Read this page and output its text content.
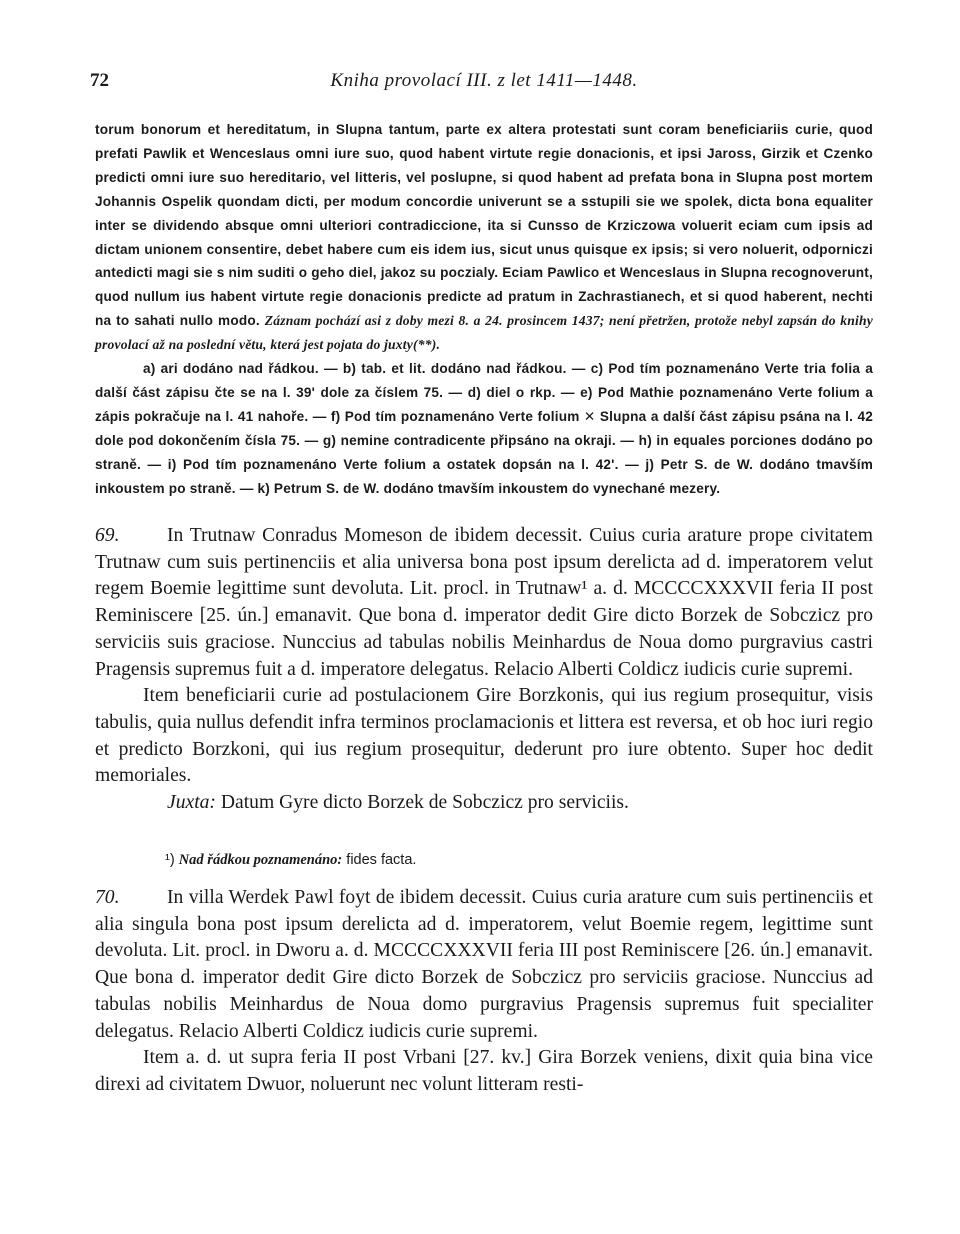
72	Kniha provolací III. z let 1411—1448.

torum bonorum et hereditatum, in Slupna tantum, parte ex altera protestati sunt coram beneficiariis curie, quod prefati Pawlik et Wenceslaus omni iure suo, quod habent virtute regie donacionis, et ipsi Jaross, Girzik et Czenko predicti omni iure suo hereditario, vel litteris, vel poslupne, si quod habent ad prefata bona in Slupna post mortem Johannis Ospelik quondam dicti, per modum concordie univerunt se a sstupili sie we spolek, dicta bona equaliter inter se dividendo absque omni ulteriori contradiccione, ita si Cunsso de Krziczowa voluerit eciam cum ipsis ad dictam unionem consentire, debet habere cum eis idem ius, sicut unus quisque ex ipsis; si vero noluerit, odporniczi antedicti magi sie s nim suditi o geho diel, jakoz su poczialy. Eciam Pawlico et Wenceslaus in Slupna recognoverunt, quod nullum ius habent virtute regie donacionis predicte ad pratum in Zachrastianech, et si quod haberent, nechti na to sahati nullo modo. Záznam pochází asi z doby mezi 8. a 24. prosincem 1437; není přetržen, protože nebyl zapsán do knihy provolací až na poslední větu, která jest pojata do juxty(**).

a) ari dodáno nad řádkou. — b) tab. et lit. dodáno nad řádkou. — c) Pod tím poznamenáno Verte tria folia a další část zápisu čte se na l. 39' dole za číslem 75. — d) diel o rkp. — e) Pod Mathie poznamenáno Verte folium a zápis pokračuje na l. 41 nahoře. — f) Pod tím poznamenáno Verte folium ✕ Slupna a další část zápisu psána na l. 42 dole pod dokončením čísla 75. — g) nemine contradicente připsáno na okraji. — h) in equales porciones dodáno po straně. — i) Pod tím poznamenáno Verte folium a ostatek dopsán na l. 42'. — j) Petr S. de W. dodáno tmavším inkoustem po straně. — k) Petrum S. de W. dodáno tmavším inkoustem do vynechané mezery.

69. In Trutnaw Conradus Momeson de ibidem decessit. Cuius curia arature prope civitatem Trutnaw cum suis pertinenciis et alia universa bona post ipsum derelicta ad d. imperatorem velut regem Boemie legittime sunt devoluta. Lit. procl. in Trutnaw¹ a. d. MCCCCXXXVII feria II post Reminiscere [25. ún.] emanavit. Que bona d. imperator dedit Gire dicto Borzek de Sobczicz pro serviciis suis graciose. Nunccius ad tabulas nobilis Meinhardus de Noua domo purgravius castri Pragensis supremus fuit a d. imperatore delegatus. Relacio Alberti Coldicz iudicis curie supremi.

Item beneficiarii curie ad postulacionem Gire Borzkonis, qui ius regium prosequitur, visis tabulis, quia nullus defendit infra terminos proclamacionis et littera est reversa, et ob hoc iuri regio et predicto Borzkoni, qui ius regium prosequitur, dederunt pro iure obtento. Super hoc dedit memoriales.

Juxta: Datum Gyre dicto Borzek de Sobczicz pro serviciis.

¹) Nad řádkou poznamenáno: fides facta.

70. In villa Werdek Pawl foyt de ibidem decessit. Cuius curia arature cum suis pertinenciis et alia singula bona post ipsum derelicta ad d. imperatorem, velut Boemie regem, legittime sunt devoluta. Lit. procl. in Dworu a. d. MCCCCXXXVII feria III post Reminiscere [26. ún.] emanavit. Que bona d. imperator dedit Gire dicto Borzek de Sobczicz pro serviciis graciose. Nunccius ad tabulas nobilis Meinhardus de Noua domo purgravius Pragensis supremus fuit specialiter delegatus. Relacio Alberti Coldicz iudicis curie supremi.

Item a. d. ut supra feria II post Vrbani [27. kv.] Gira Borzek veniens, dixit quia bina vice direxi ad civitatem Dwuor, noluerunt nec volunt litteram resti-
